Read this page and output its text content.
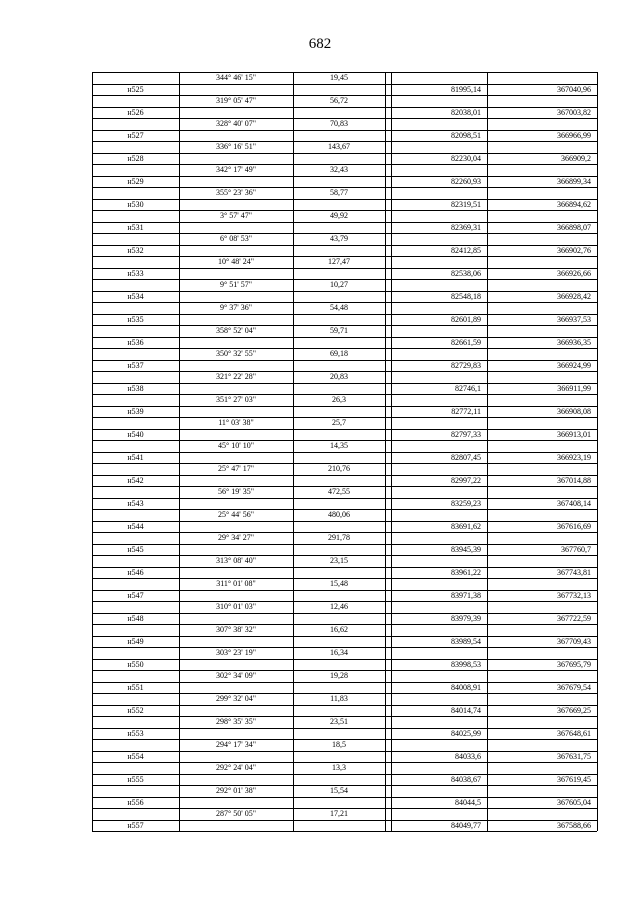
682
344° 46' 15"	19,45
н525	81995,14	367040,96
319° 05' 47"	56,72
н526	82038,01	367003,82
328° 40' 07"	70,83
н527	82098,51	366966,99
336° 16' 51"	143,67
н528	82230,04	366909,2
342° 17' 49"	32,43
н529	82260,93	366899,34
355° 23' 36"	58,77
н530	82319,51	366894,62
3° 57' 47"	49,92
н531	82369,31	366898,07
6° 08' 53"	43,79
н532	82412,85	366902,76
10° 48' 24"	127,47
н533	82538,06	366926,66
9° 51' 57"	10,27
н534	82548,18	366928,42
9° 37' 36"	54,48
н535	82601,89	366937,53
358° 52' 04"	59,71
н536	82661,59	366936,35
350° 32' 55"	69,18
н537	82729,83	366924,99
321° 22' 28"	20,83
н538	82746,1	366911,99
351° 27' 03"	26,3
н539	82772,11	366908,08
11° 03' 38"	25,7
н540	82797,33	366913,01
45° 10' 10"	14,35
н541	82807,45	366923,19
25° 47' 17"	210,76
н542	82997,22	367014,88
56° 19' 35"	472,55
н543	83259,23	367408,14
25° 44' 56"	480,06
н544	83691,62	367616,69
29° 34' 27"	291,78
н545	83945,39	367760,7
313° 08' 40"	23,15
н546	83961,22	367743,81
311° 01' 08"	15,48
н547	83971,38	367732,13
310° 01' 03"	12,46
н548	83979,39	367722,59
307° 38' 32"	16,62
н549	83989,54	367709,43
303° 23' 19"	16,34
н550	83998,53	367695,79
302° 34' 09"	19,28
н551	84008,91	367679,54
299° 32' 04"	11,83
н552	84014,74	367669,25
298° 35' 35"	23,51
н553	84025,99	367648,61
294° 17' 34"	18,5
н554	84033,6	367631,75
292° 24' 04"	13,3
н555	84038,67	367619,45
292° 01' 38"	15,54
н556	84044,5	367605,04
287° 50' 05"	17,21
н557	84049,77	367588,66
